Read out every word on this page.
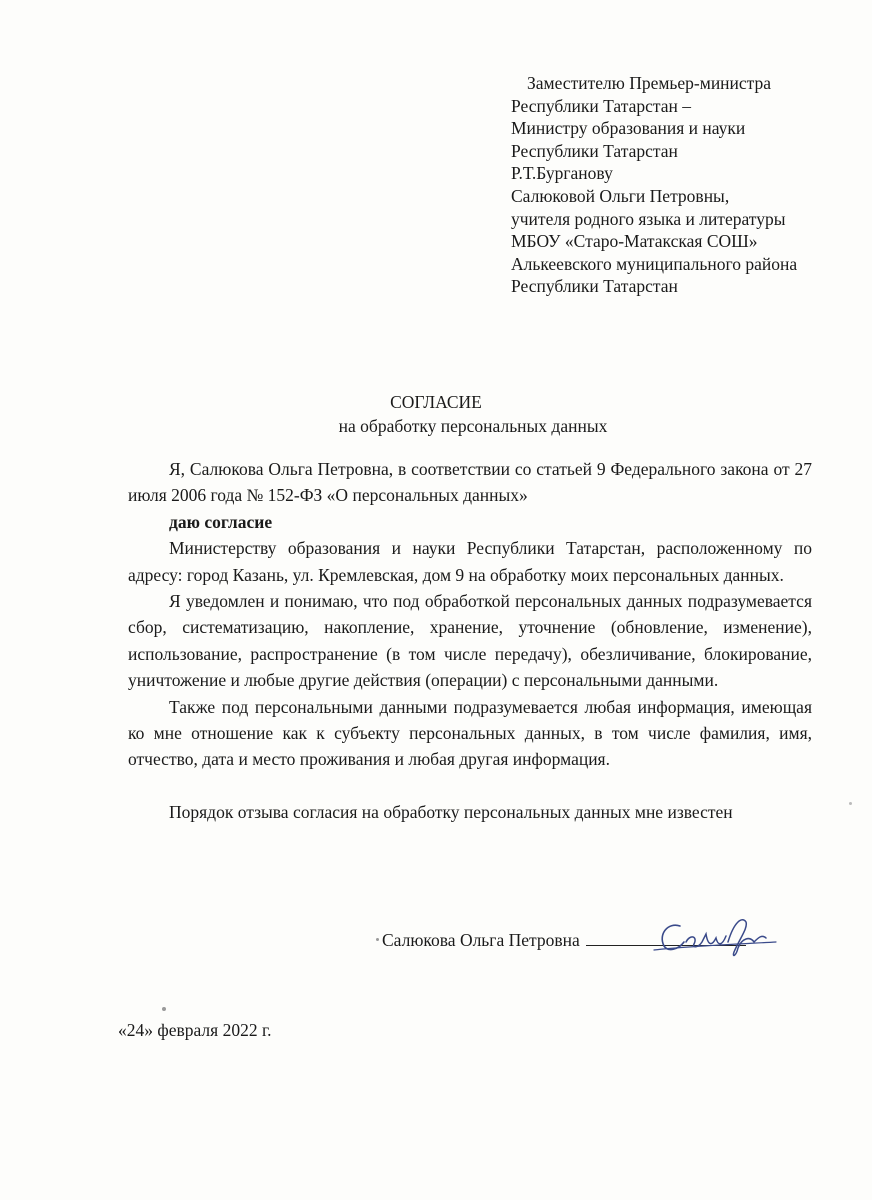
Заместителю Премьер-министра
Республики Татарстан –
Министру образования и науки
Республики Татарстан
Р.Т.Бурганову
Салюковой Ольги Петровны,
учителя родного языка и литературы
МБОУ «Старо-Матакская СОШ»
Алькеевского муниципального района
Республики Татарстан
СОГЛАСИЕ
на обработку персональных данных

Я, Салюкова Ольга Петровна, в соответствии со статьей 9 Федерального закона от 27 июля 2006 года № 152-ФЗ «О персональных данных»

даю согласие

Министерству образования и науки Республики Татарстан, расположенному по адресу: город Казань, ул. Кремлевская, дом 9 на обработку моих персональных данных.

Я уведомлен и понимаю, что под обработкой персональных данных подразумевается сбор, систематизацию, накопление, хранение, уточнение (обновление, изменение), использование, распространение (в том числе передачу), обезличивание, блокирование, уничтожение и любые другие действия (операции) с персональными данными.

Также под персональными данными подразумевается любая информация, имеющая ко мне отношение как к субъекту персональных данных, в том числе фамилия, имя, отчество, дата и место проживания и любая другая информация.

Порядок отзыва согласия на обработку персональных данных мне известен

Салюкова Ольга Петровна
«24» февраля 2022 г.
